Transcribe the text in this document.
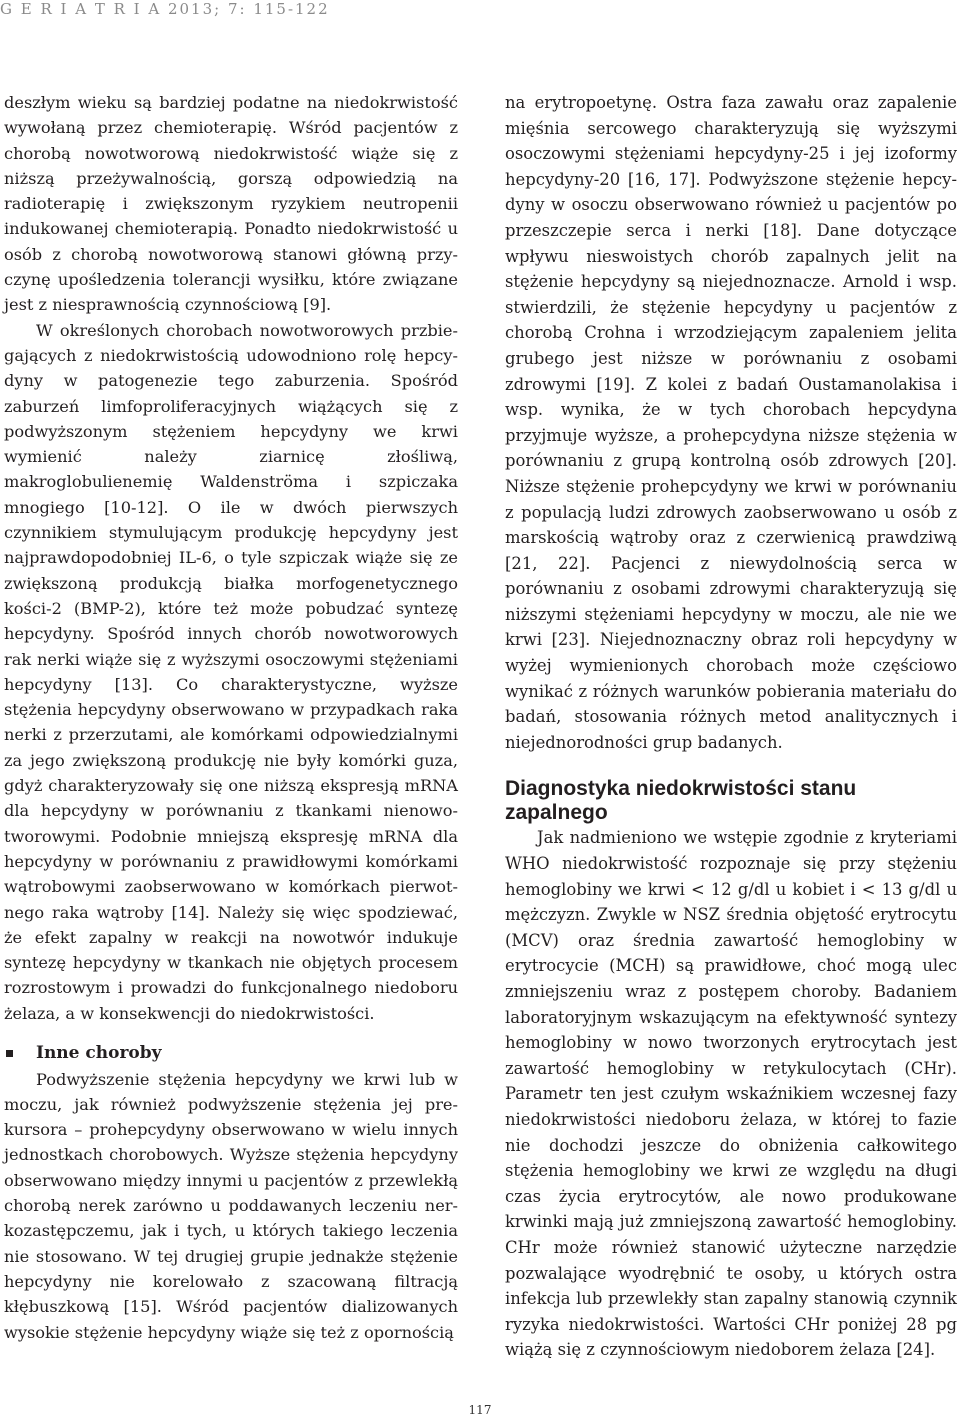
G E R I A T R I A 2013; 7: 115-122

deszłym wieku są bardziej podatne na niedokrwistość wywołaną przez chemioterapię. Wśród pacjentów z chorobą nowotworową niedokrwistość wiąże się z niższą przeżywalnością, gorszą odpowiedzią na radioterapię i zwiększonym ryzykiem neutropenii indukowanej chemioterapią. Ponadto niedokrwistość u osób z chorobą nowotworową stanowi główną przyczynę upośledzenia tolerancji wysiłku, które związane jest z niesprawnością czynnościową [9].

W określonych chorobach nowotworowych przbiegających z niedokrwistością udowodniono rolę hepcydyny w patogenezie tego zaburzenia. Spośród zaburzeń limfoproliferacyjnych wiążących się z podwyższonym stężeniem hepcydyny we krwi wymienić należy ziarnicę złośliwą, makroglobulienemię Waldenströma i szpiczaka mnogiego [10-12]. O ile w dwóch pierwszych czynnikiem stymulującym produkcję hepcydyny jest najprawdopodobniej IL-6, o tyle szpiczak wiąże się ze zwiększoną produkcją białka morfogenetycznego kości-2 (BMP-2), które też może pobudzać syntezę hepcydyny. Spośród innych chorób nowotworowych rak nerki wiąże się z wyższymi osoczowymi stężeniami hepcydyny [13]. Co charakterystyczne, wyższe stężenia hepcydyny obserwowano w przypadkach raka nerki z przerzutami, ale komórkami odpowiedzialnymi za jego zwiększoną produkcję nie były komórki guza, gdyż charakteryzowały się one niższą ekspresją mRNA dla hepcydyny w porównaniu z tkankami nienowotworowymi. Podobnie mniejszą ekspresję mRNA dla hepcydyny w porównaniu z prawidłowymi komórkami wątrobowymi zaobserwowano w komórkach pierwotnego raka wątroby [14]. Należy się więc spodziewać, że efekt zapalny w reakcji na nowotwór indukuje syntezę hepcydyny w tkankach nie objętych procesem rozrostowym i prowadzi do funkcjonalnego niedoboru żelaza, a w konsekwencji do niedokrwistości.

Inne choroby

Podwyższenie stężenia hepcydyny we krwi lub w moczu, jak również podwyższenie stężenia jej prekursora – prohepcydyny obserwowano w wielu innych jednostkach chorobowych. Wyższe stężenia hepcydyny obserwowano między innymi u pacjentów z przewlekłą chorobą nerek zarówno u poddawanych leczeniu nerkozastępczemu, jak i tych, u których takiego leczenia nie stosowano. W tej drugiej grupie jednakże stężenie hepcydyny nie korelowało z szacowaną filtracją kłębuszkową [15]. Wśród pacjentów dializowanych wysokie stężenie hepcydyny wiąże się też z opornością

na erytropoetynę. Ostra faza zawału oraz zapalenie mięśnia sercowego charakteryzują się wyższymi osoczowymi stężeniami hepcydyny-25 i jej izoformy hepcydyny-20 [16, 17]. Podwyższone stężenie hepcydyny w osoczu obserwowano również u pacjentów po przeszczepie serca i nerki [18]. Dane dotyczące wpływu nieswoistych chorób zapalnych jelit na stężenie hepcydyny są niejednoznacze. Arnold i wsp. stwierdzili, że stężenie hepcydyny u pacjentów z chorobą Crohna i wrzodziejącym zapaleniem jelita grubego jest niższe w porównaniu z osobami zdrowymi [19]. Z kolei z badań Oustamanolakisa i wsp. wynika, że w tych chorobach hepcydyna przyjmuje wyższe, a prohepcydyna niższe stężenia w porównaniu z grupą kontrolną osób zdrowych [20]. Niższe stężenie prohepcydyny we krwi w porównaniu z populacją ludzi zdrowych zaobserwowano u osób z marskością wątroby oraz z czerwienicą prawdziwą [21, 22]. Pacjenci z niewydolnością serca w porównaniu z osobami zdrowymi charakteryzują się niższymi stężeniami hepcydyny w moczu, ale nie we krwi [23]. Niejednoznaczny obraz roli hepcydyny w wyżej wymienionych chorobach może częściowo wynikać z różnych warunków pobierania materiału do badań, stosowania różnych metod analitycznych i niejednorodności grup badanych.

Diagnostyka niedokrwistości stanu zapalnego

Jak nadmieniono we wstępie zgodnie z kryteriami WHO niedokrwistość rozpoznaje się przy stężeniu hemoglobiny we krwi < 12 g/dl u kobiet i < 13 g/dl u mężczyzn. Zwykle w NSZ średnia objętość erytrocytu (MCV) oraz średnia zawartość hemoglobiny w erytrocycie (MCH) są prawidłowe, choć mogą ulec zmniejszeniu wraz z postępem choroby. Badaniem laboratoryjnym wskazującym na efektywność syntezy hemoglobiny w nowo tworzonych erytrocytach jest zawartość hemoglobiny w retykulocytach (CHr). Parametr ten jest czułym wskaźnikiem wczesnej fazy niedokrwistości niedoboru żelaza, w której to fazie nie dochodzi jeszcze do obniżenia całkowitego stężenia hemoglobiny we krwi ze względu na długi czas życia erytrocytów, ale nowo produkowane krwinki mają już zmniejszoną zawartość hemoglobiny. CHr może również stanowić użyteczne narzędzie pozwalające wyodrębnić te osoby, u których ostra infekcja lub przewlekły stan zapalny stanowią czynnik ryzyka niedokrwistości. Wartości CHr poniżej 28 pg wiążą się z czynnościowym niedoborem żelaza [24].

117
